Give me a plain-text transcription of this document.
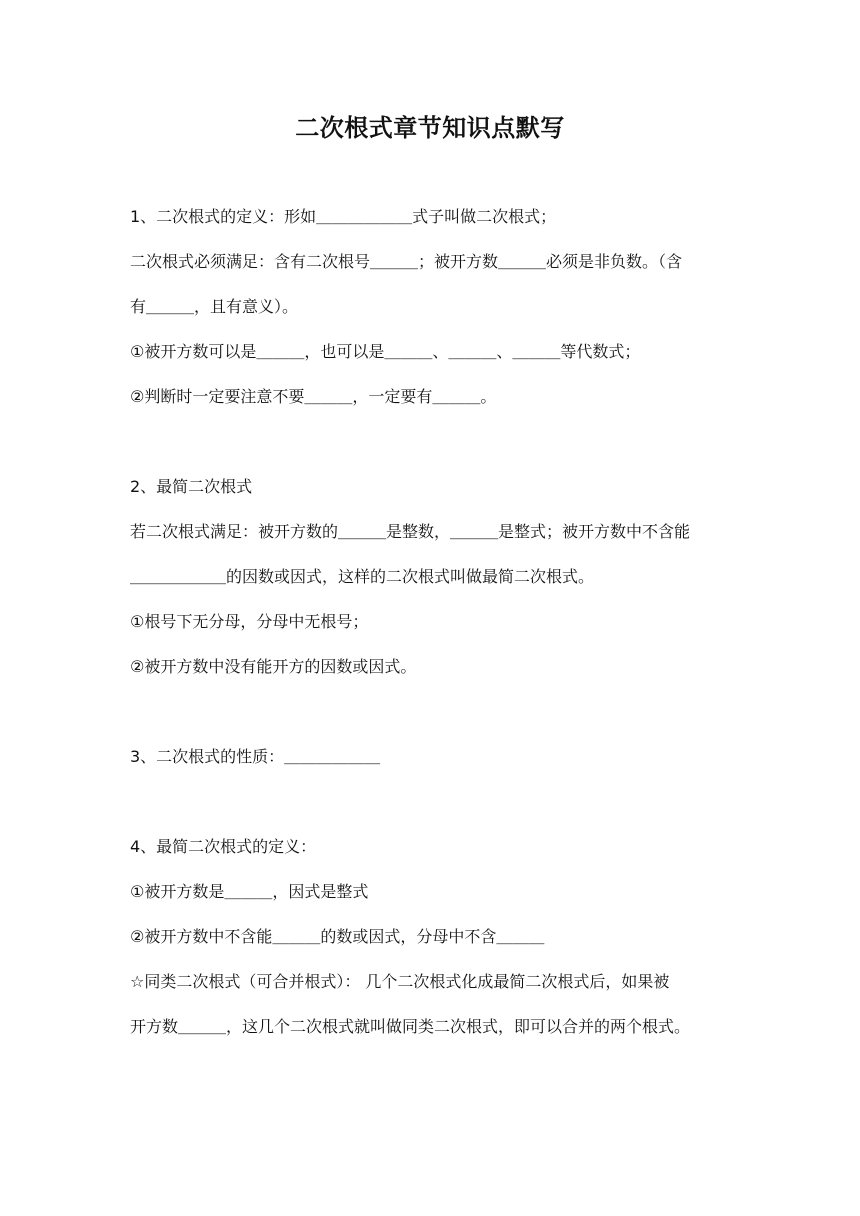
二次根式章节知识点默写
1、二次根式的定义：形如＿＿＿＿＿＿式子叫做二次根式；
二次根式必须满足：含有二次根号＿＿＿；被开方数＿＿＿必须是非负数。（含
有＿＿＿，且有意义）。
①被开方数可以是＿＿＿，也可以是＿＿＿、＿＿＿、＿＿＿等代数式；
②判断时一定要注意不要＿＿＿，一定要有＿＿＿。
2、最简二次根式
若二次根式满足：被开方数的＿＿＿是整数，＿＿＿是整式；被开方数中不含能
＿＿＿＿＿＿的因数或因式，这样的二次根式叫做最简二次根式。
①根号下无分母，分母中无根号；
②被开方数中没有能开方的因数或因式。
3、二次根式的性质：＿＿＿＿＿＿
4、最简二次根式的定义：
①被开方数是＿＿＿，因式是整式
②被开方数中不含能＿＿＿的数或因式，分母中不含＿＿＿
☆同类二次根式（可合并根式）： 几个二次根式化成最简二次根式后，如果被
开方数＿＿＿，这几个二次根式就叫做同类二次根式，即可以合并的两个根式。
